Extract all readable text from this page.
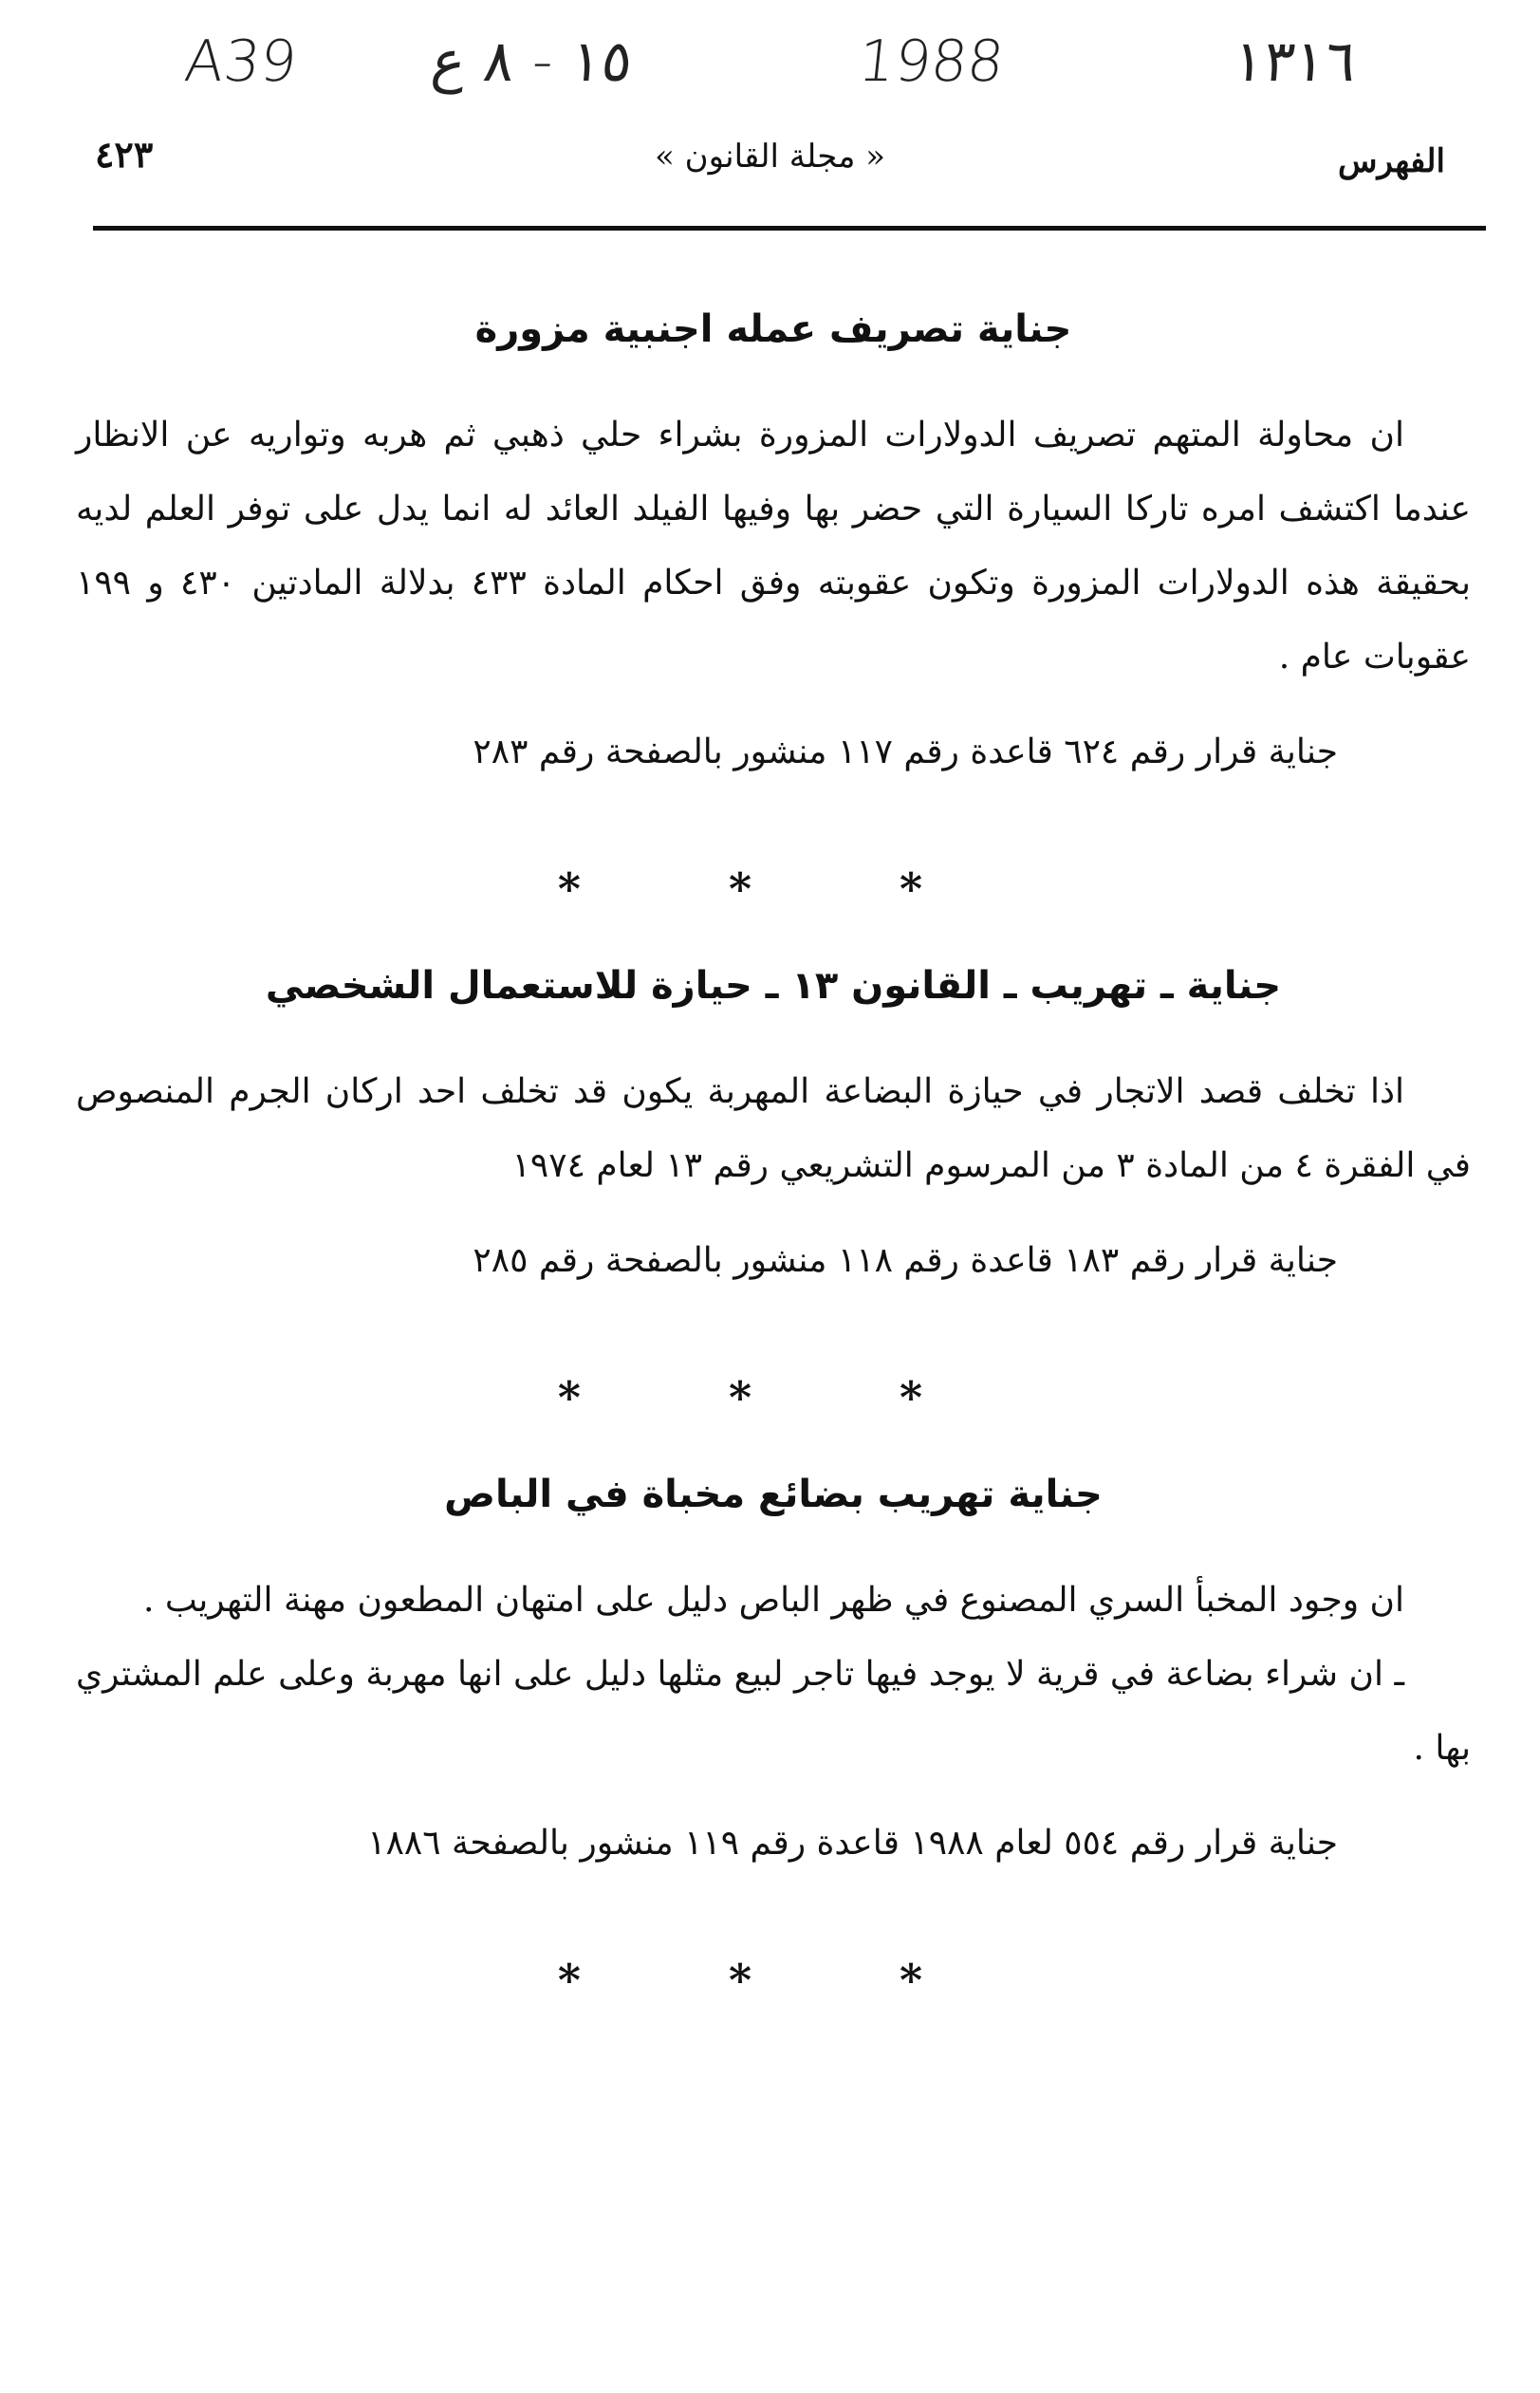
A39 ١٥ - ٨ ع	1988	١٣١٦
٤٢٣	« مجلة القانون »	الفهرس
جناية تصريف عمله اجنبية مزورة

ان محاولة المتهم تصريف الدولارات المزورة بشراء حلي ذهبي ثم هربه وتواريه عن الانظار عندما اكتشف امره تاركا السيارة التي حضر بها وفيها الفيلد العائد له انما يدل على توفر العلم لديه بحقيقة هذه الدولارات المزورة وتكون عقوبته وفق احكام المادة ٤٣٣ بدلالة المادتين ٤٣٠ و ١٩٩ عقوبات عام .

جناية قرار رقم ٦٢٤ قاعدة رقم ١١٧ منشور بالصفحة رقم ٢٨٣
* * *
جناية ـ تهريب ـ القانون ١٣ ـ حيازة للاستعمال الشخصي

اذا تخلف قصد الاتجار في حيازة البضاعة المهربة يكون قد تخلف احد اركان الجرم المنصوص في الفقرة ٤ من المادة ٣ من المرسوم التشريعي رقم ١٣ لعام ١٩٧٤

جناية قرار رقم ١٨٣ قاعدة رقم ١١٨ منشور بالصفحة رقم ٢٨٥
* * *
جناية تهريب بضائع مخباة في الباص

ان وجود المخبأ السري المصنوع في ظهر الباص دليل على امتهان المطعون مهنة التهريب .

ـ ان شراء بضاعة في قرية لا يوجد فيها تاجر لبيع مثلها دليل على انها مهربة وعلى علم المشتري بها .

جناية قرار رقم ٥٥٤ لعام ١٩٨٨ قاعدة رقم ١١٩ منشور بالصفحة ١٨٨٦
* * *
